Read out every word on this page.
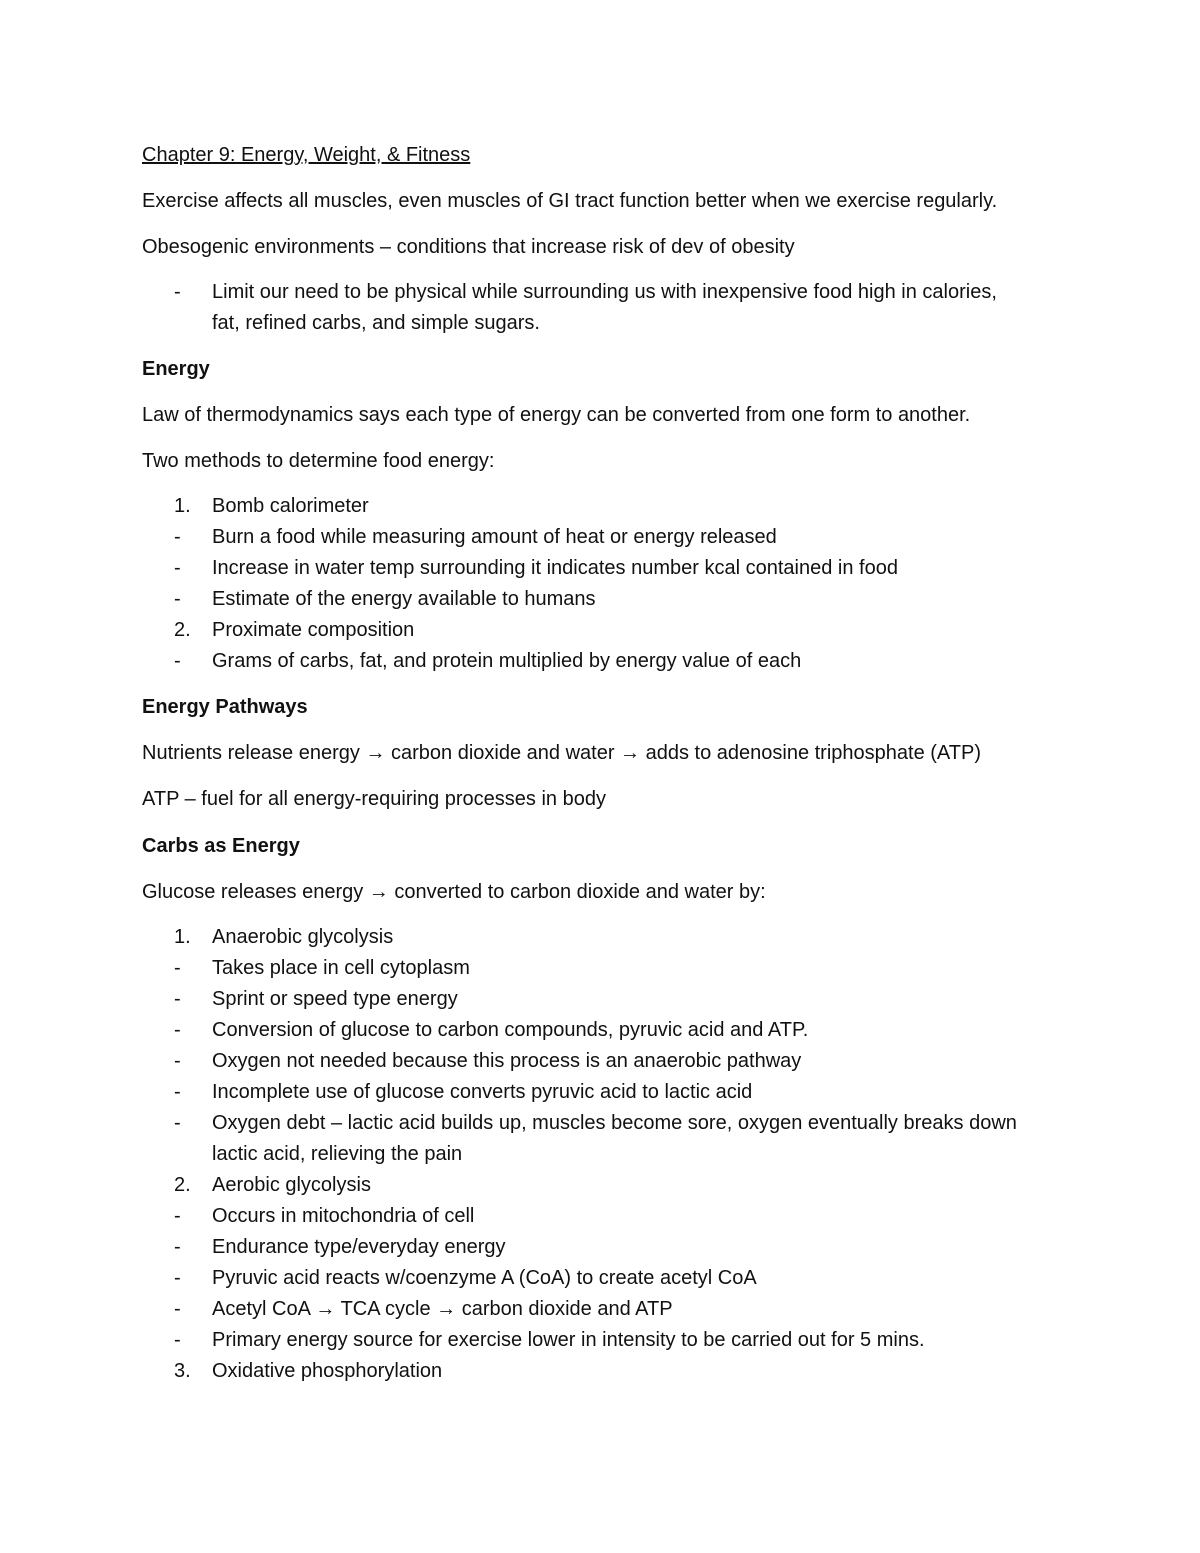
Chapter 9: Energy, Weight, & Fitness

Exercise affects all muscles, even muscles of GI tract function better when we exercise regularly.

Obesogenic environments – conditions that increase risk of dev of obesity

-	Limit our need to be physical while surrounding us with inexpensive food high in calories, fat, refined carbs, and simple sugars.

Energy

Law of thermodynamics says each type of energy can be converted from one form to another.

Two methods to determine food energy:

1.	Bomb calorimeter
-	Burn a food while measuring amount of heat or energy released
-	Increase in water temp surrounding it indicates number kcal contained in food
-	Estimate of the energy available to humans
2.	Proximate composition
-	Grams of carbs, fat, and protein multiplied by energy value of each

Energy Pathways

Nutrients release energy → carbon dioxide and water → adds to adenosine triphosphate (ATP)

ATP – fuel for all energy-requiring processes in body

Carbs as Energy

Glucose releases energy → converted to carbon dioxide and water by:

1.	Anaerobic glycolysis
-	Takes place in cell cytoplasm
-	Sprint or speed type energy
-	Conversion of glucose to carbon compounds, pyruvic acid and ATP.
-	Oxygen not needed because this process is an anaerobic pathway
-	Incomplete use of glucose converts pyruvic acid to lactic acid
-	Oxygen debt – lactic acid builds up, muscles become sore, oxygen eventually breaks down lactic acid, relieving the pain
2.	Aerobic glycolysis
-	Occurs in mitochondria of cell
-	Endurance type/everyday energy
-	Pyruvic acid reacts w/coenzyme A (CoA) to create acetyl CoA
-	Acetyl CoA → TCA cycle → carbon dioxide and ATP
-	Primary energy source for exercise lower in intensity to be carried out for 5 mins.
3.	Oxidative phosphorylation
